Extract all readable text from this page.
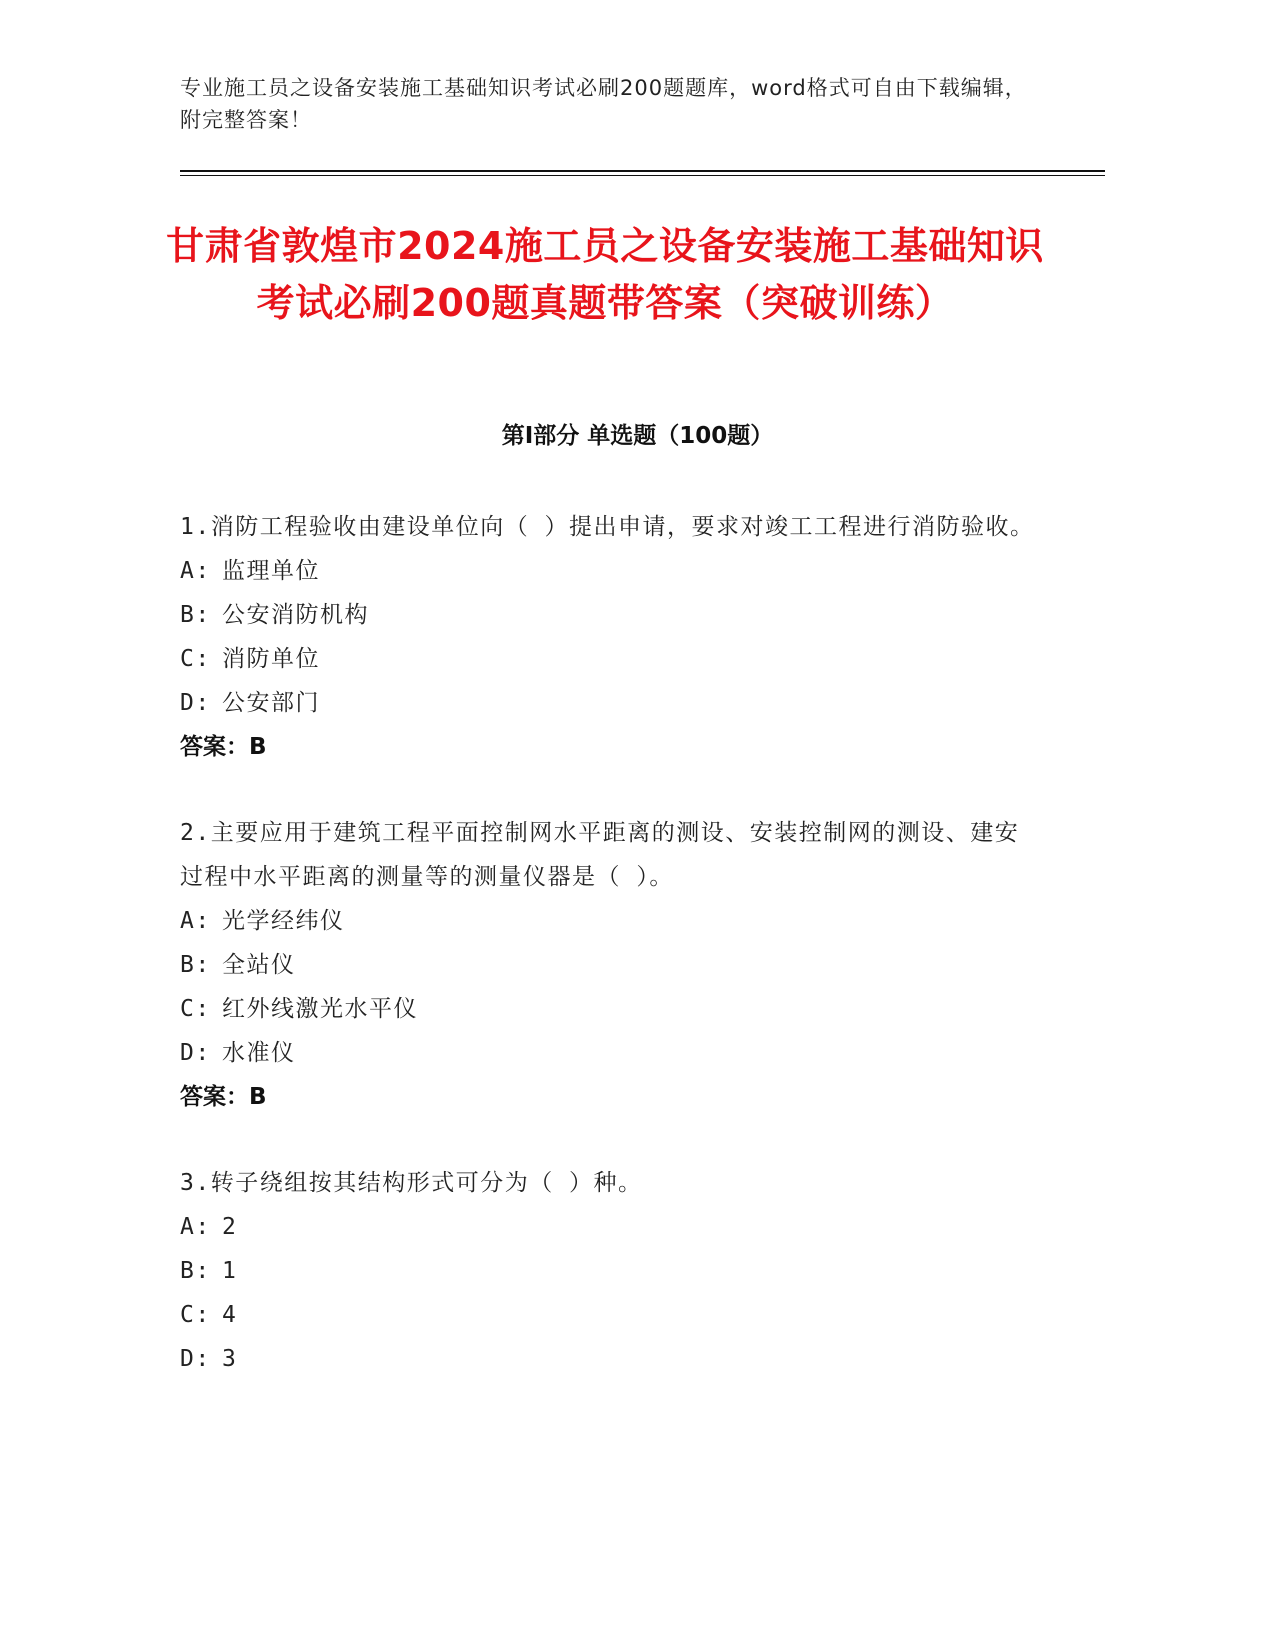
专业施工员之设备安装施工基础知识考试必刷200题题库，word格式可自由下载编辑，附完整答案！
甘肃省敦煌市2024施工员之设备安装施工基础知识考试必刷200题真题带答案（突破训练）
第Ⅰ部分 单选题（100题）
1.消防工程验收由建设单位向（ ）提出申请，要求对竣工工程进行消防验收。
A: 监理单位
B: 公安消防机构
C: 消防单位
D: 公安部门
答案：B
2.主要应用于建筑工程平面控制网水平距离的测设、安装控制网的测设、建安过程中水平距离的测量等的测量仪器是（ ）。
A: 光学经纬仪
B: 全站仪
C: 红外线激光水平仪
D: 水准仪
答案：B
3.转子绕组按其结构形式可分为（ ）种。
A: 2
B: 1
C: 4
D: 3
